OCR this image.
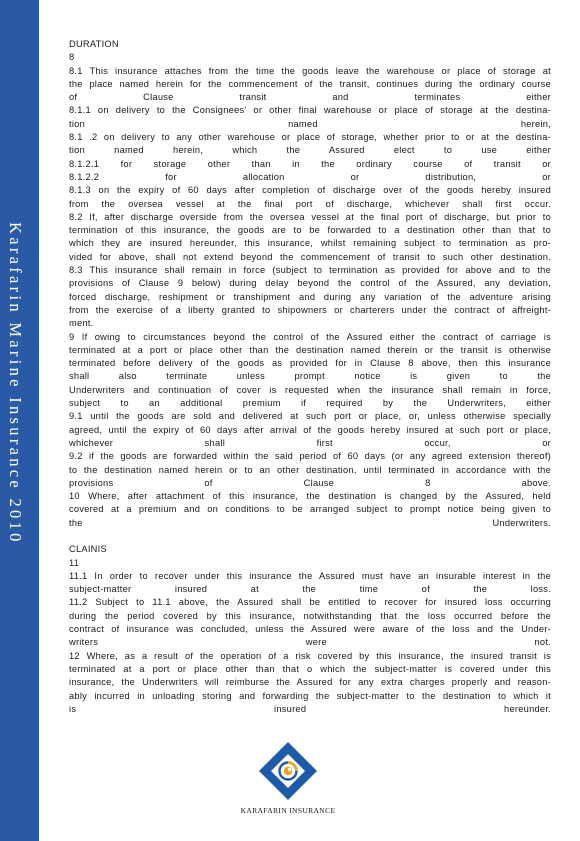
Karafarin Marine Insurance 2010
DURATION
8
8.1 This insurance attaches from the time the goods leave the warehouse or place of storage at
the place named herein for the commencement of the transit, continues during the ordinary course
of Clause transit and terminates either
8.1.1 on delivery to the Consignees' or other final warehouse or place of storage at the destina-
tion named herein,
8.1 .2 on delivery to any other warehouse or place of storage, whether prior to or at the destina-
tion named herein, which the Assured elect to use either
8.1.2.1 for storage other than in the ordinary course of transit or
8.1.2.2 for allocation or distribution, or
8.1.3 on the expiry of 60 days after completion of discharge over of the goods hereby insured
from the oversea vessel at the final port of discharge, whichever shall first occur.
8.2 If, after discharge overside from the oversea vessel at the final port of discharge, but prior to
termination of this insurance, the goods are to be forwarded to a destination other than that to
which they are insured hereunder, this insurance, whilst remaining subject to termination as pro-
vided for above, shall not extend beyond the commencement of transit to such other destination.
8.3 This insurance shall remain in force (subject to termination as provided for above and to the
provisions of Clause 9 below) during delay beyond the control of the Assured, any deviation,
forced discharge, reshipment or transhipment and during any variation of the adventure arising
from the exercise of a liberty granted to shipowners or charterers under the contract of affreight-
ment.
9 If owing to circumstances beyond the control of the Assured either the contract of carriage is
terminated at a port or place other than the destination named therein or the transit is otherwise
terminated before delivery of the goods as provided for in Clause 8 above, then this insurance
shall also terminate unless prompt notice is given to the
Underwriters and continuation of cover is requested when the insurance shall remain in force,
subject to an additional premium if required by the Underwriters, either
9.1 until the goods are sold and delivered at such port or place, or, unless otherwise specially
agreed, until the expiry of 60 days after arrival of the goods hereby insured at such port or place,
whichever shall first occur, or
9.2 if the goods are forwarded within the said period of 60 days (or any agreed extension thereof)
to the destination named herein or to an other destination, until terminated in accordance with the
provisions of Clause 8 above.
10 Where, after attachment of this insurance, the destination is changed by the Assured, held
covered at a premium and on conditions to be arranged subject to prompt notice being given to
the Underwriters.
CLAINIS
11
11.1 In order to recover under this insurance the Assured must have an insurable interest in the
subject-matter insured at the time of the loss.
11.2 Subject to 11.1 above, the Assured shall be entitled to recover for insured loss occurring
during the period covered by this insurance, notwithstanding that the loss occurred before the
contract of insurance was concluded, unless the Assured were aware of the loss and the Under-
writers were not.
12 Where, as a result of the operation of a risk covered by this insurance, the insured transit is
terminated at a port or place other than that o which the subject-matter is covered under this
insurance, the Underwriters will reimburse the Assured for any extra charges properly and reason-
ably incurred in unloading storing and forwarding the subject-matter to the destination to which it
is insured hereunder.
KARAFARIN INSURANCE
